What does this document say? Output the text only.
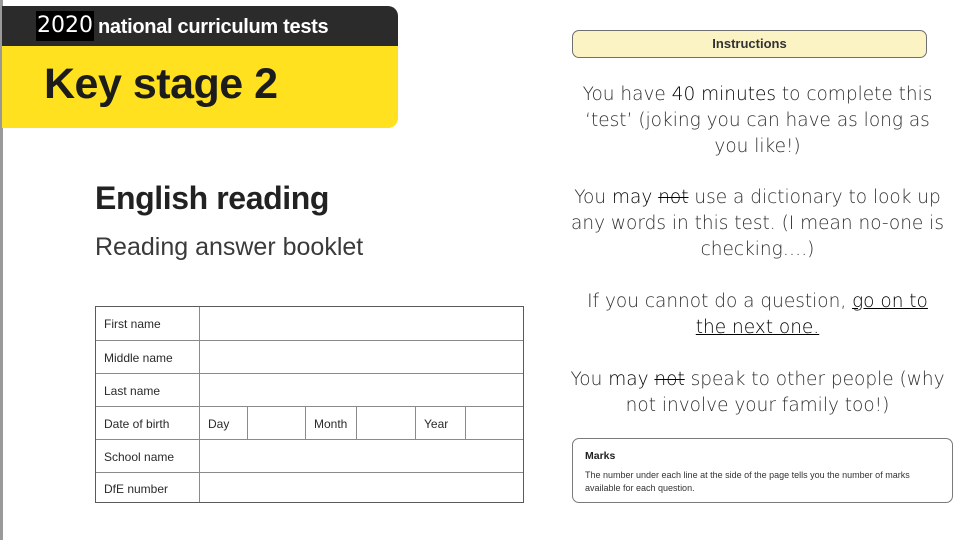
national curriculum tests
2020
Key stage 2
English reading
Reading answer booklet
First name
Middle name
Last name
Date of birth	Day	Month	Year
School name
DfE number
Instructions
You have 40 minutes to complete this ‘test’ (joking you can have as long as you like!)
You may not use a dictionary to look up any words in this test. (I mean no-one is checking….)
If you cannot do a question, go on to the next one.
You may not speak to other people (why not involve your family too!)
Marks
The number under each line at the side of the page tells you the number of marks available for each question.
